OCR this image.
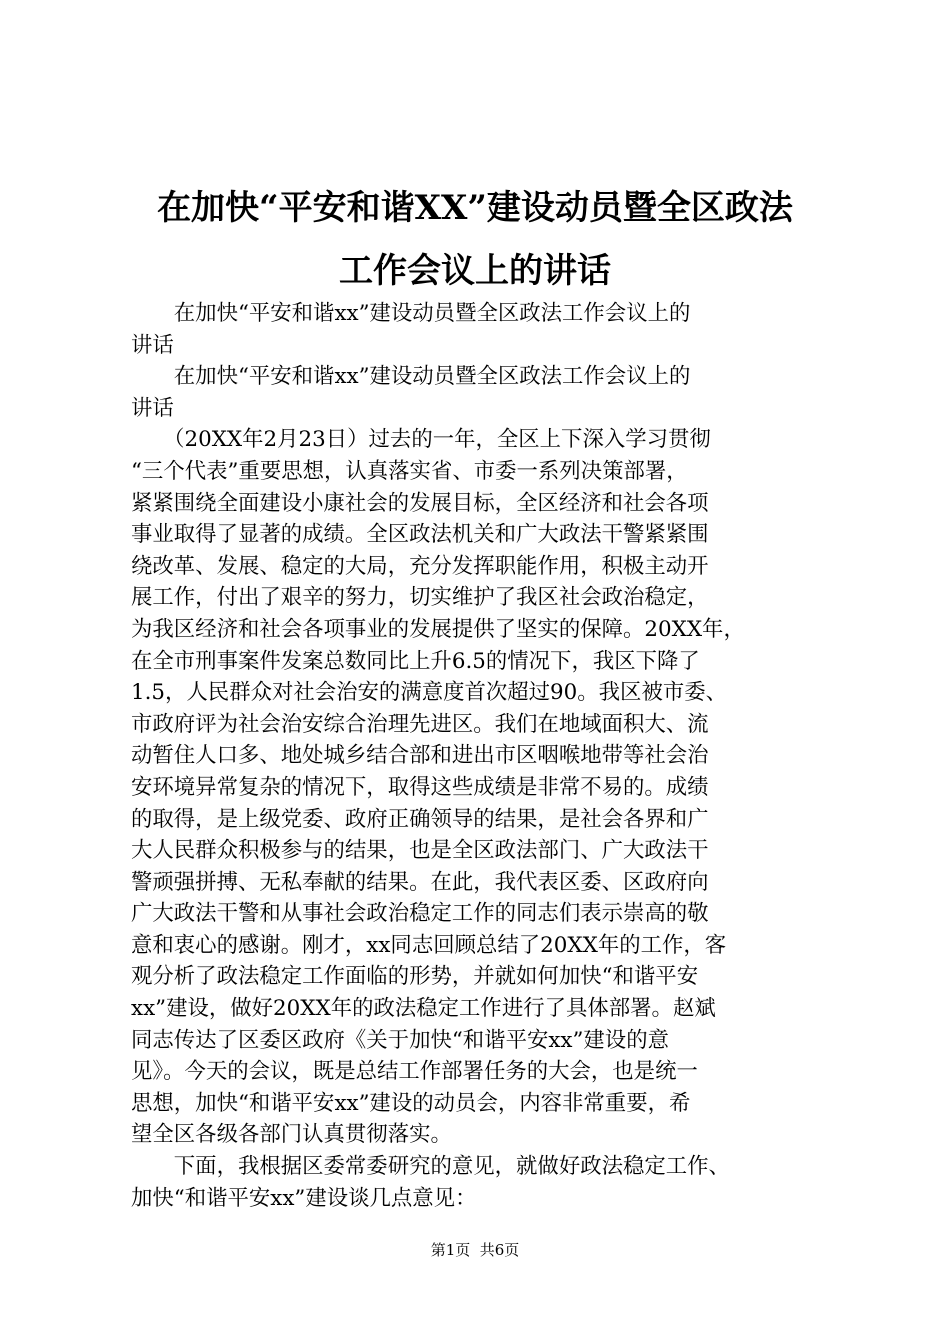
在加快“平安和谐XX”建设动员暨全区政法
工作会议上的讲话
　　在加快“平安和谐xx”建设动员暨全区政法工作会议上的
讲话
　　在加快“平安和谐xx”建设动员暨全区政法工作会议上的
讲话
　　（20XX年2月23日）过去的一年，全区上下深入学习贯彻
“三个代表”重要思想，认真落实省、市委一系列决策部署，
紧紧围绕全面建设小康社会的发展目标，全区经济和社会各项
事业取得了显著的成绩。全区政法机关和广大政法干警紧紧围
绕改革、发展、稳定的大局，充分发挥职能作用，积极主动开
展工作，付出了艰辛的努力，切实维护了我区社会政治稳定，
为我区经济和社会各项事业的发展提供了坚实的保障。20XX年，
在全市刑事案件发案总数同比上升6.5的情况下，我区下降了
1.5，人民群众对社会治安的满意度首次超过90。我区被市委、
市政府评为社会治安综合治理先进区。我们在地域面积大、流
动暂住人口多、地处城乡结合部和进出市区咽喉地带等社会治
安环境异常复杂的情况下，取得这些成绩是非常不易的。成绩
的取得，是上级党委、政府正确领导的结果，是社会各界和广
大人民群众积极参与的结果，也是全区政法部门、广大政法干
警顽强拼搏、无私奉献的结果。在此，我代表区委、区政府向
广大政法干警和从事社会政治稳定工作的同志们表示崇高的敬
意和衷心的感谢。刚才，xx同志回顾总结了20XX年的工作，客
观分析了政法稳定工作面临的形势，并就如何加快“和谐平安
xx”建设，做好20XX年的政法稳定工作进行了具体部署。赵斌
同志传达了区委区政府《关于加快“和谐平安xx”建设的意
见》。今天的会议，既是总结工作部署任务的大会，也是统一
思想，加快“和谐平安xx”建设的动员会，内容非常重要，希
望全区各级各部门认真贯彻落实。
　　下面，我根据区委常委研究的意见，就做好政法稳定工作、
加快“和谐平安xx”建设谈几点意见：
第1页  共6页
